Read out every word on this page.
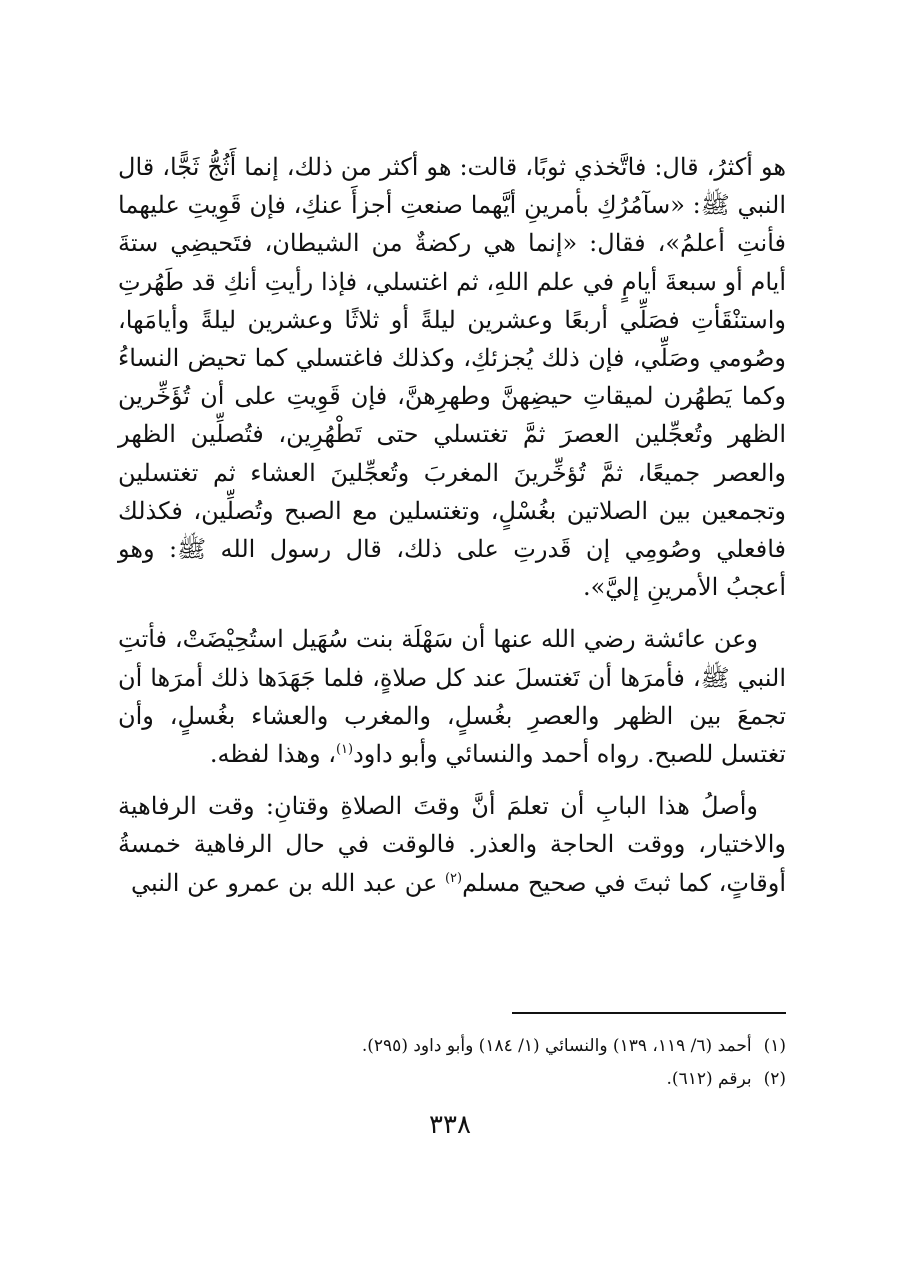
هو أكثرُ، قال: فاتَّخذي ثوبًا، قالت: هو أكثر من ذلك، إنما أَثُجُّ ثَجًّا، قال النبي ﷺ: «سآمُرُكِ بأمرينِ أيَّهما صنعتِ أجزأَ عنكِ، فإن قَوِيتِ عليهما فأنتِ أعلمُ»، فقال: «إنما هي ركضةٌ من الشيطان، فتَحيضِي ستةَ أيام أو سبعةَ أيامٍ في علم اللهِ، ثم اغتسلي، فإذا رأيتِ أنكِ قد طَهُرتِ واستنْقَأتِ فصَلِّي أربعًا وعشرين ليلةً أو ثلاثًا وعشرين ليلةً وأيامَها، وصُومي وصَلِّي، فإن ذلك يُجزئكِ، وكذلك فاغتسلي كما تحيض النساءُ وكما يَطهُرن لميقاتِ حيضِهنَّ وطهرِهنَّ، فإن قَوِيتِ على أن تُؤَخِّرين الظهر وتُعجِّلين العصرَ ثمَّ تغتسلي حتى تَطْهُرِين، فتُصلِّين الظهر والعصر جميعًا، ثمَّ تُؤخِّرينَ المغربَ وتُعجِّلينَ العشاء ثم تغتسلين وتجمعين بين الصلاتين بغُسْلٍ، وتغتسلين مع الصبح وتُصلِّين، فكذلك فافعلي وصُومِي إن قَدرتِ على ذلك، قال رسول الله ﷺ: وهو أعجبُ الأمرينِ إليَّ».

وعن عائشة رضي الله عنها أن سَهْلَة بنت سُهَيل استُحِيْضَتْ، فأتتِ النبي ﷺ، فأمرَها أن تَغتسلَ عند كل صلاةٍ، فلما جَهَدَها ذلك أمرَها أن تجمعَ بين الظهر والعصرِ بغُسلٍ، والمغرب والعشاء بغُسلٍ، وأن تغتسل للصبح. رواه أحمد والنسائي وأبو داود$^{(١)}$، وهذا لفظه.

وأصلُ هذا البابِ أن تعلمَ أنَّ وقتَ الصلاةِ وقتانِ: وقت الرفاهية والاختيار، ووقت الحاجة والعذر. فالوقت في حال الرفاهية خمسةُ أوقاتٍ، كما ثبتَ في صحيح مسلم$^{(٢)}$ عن عبد الله بن عمرو عن النبي

(١)أحمد (٦/ ١١٩، ١٣٩) والنسائي (١/ ١٨٤) وأبو داود (٢٩٥).

(٢)برقم (٦١٢).

٣٣٨
